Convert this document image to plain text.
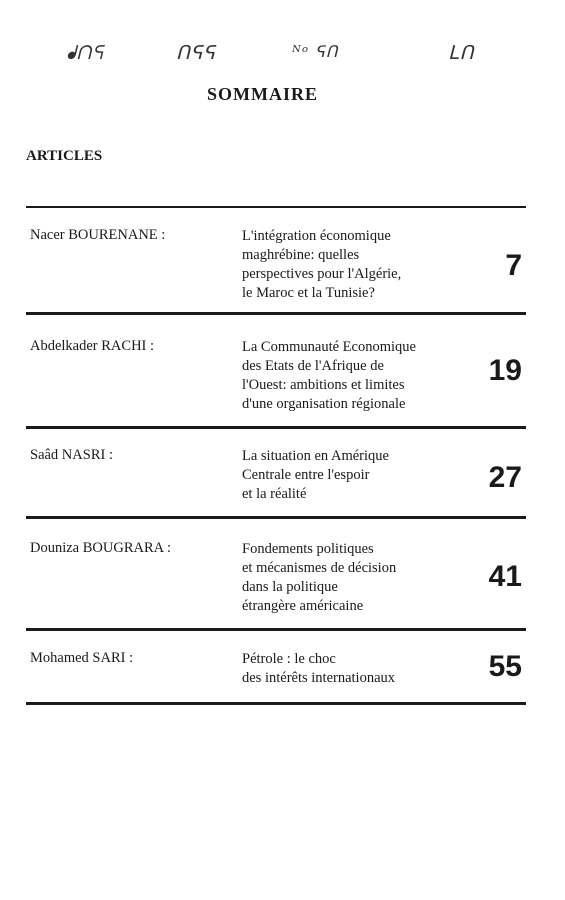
ᖱᑎᕋ	ᑎᕋᕋ	ᴺᵒ ᕋᑎ	ᒪᑎ
SOMMAIRE
ARTICLES
Nacer BOURENANE :	L'intégration économique
maghrébine: quelles
perspectives pour l'Algérie,
le Maroc et la Tunisie?
7
Abdelkader RACHI :	La Communauté Economique
des Etats de l'Afrique de
l'Ouest: ambitions et limites
d'une organisation régionale
19
Saâd NASRI :	La situation en Amérique
Centrale entre l'espoir
et la réalité	27
Douniza BOUGRARA :	Fondements politiques
et mécanismes de décision
dans la politique
étrangère américaine
41
Mohamed SARI :	Pétrole : le choc
des intérêts internationaux	55
